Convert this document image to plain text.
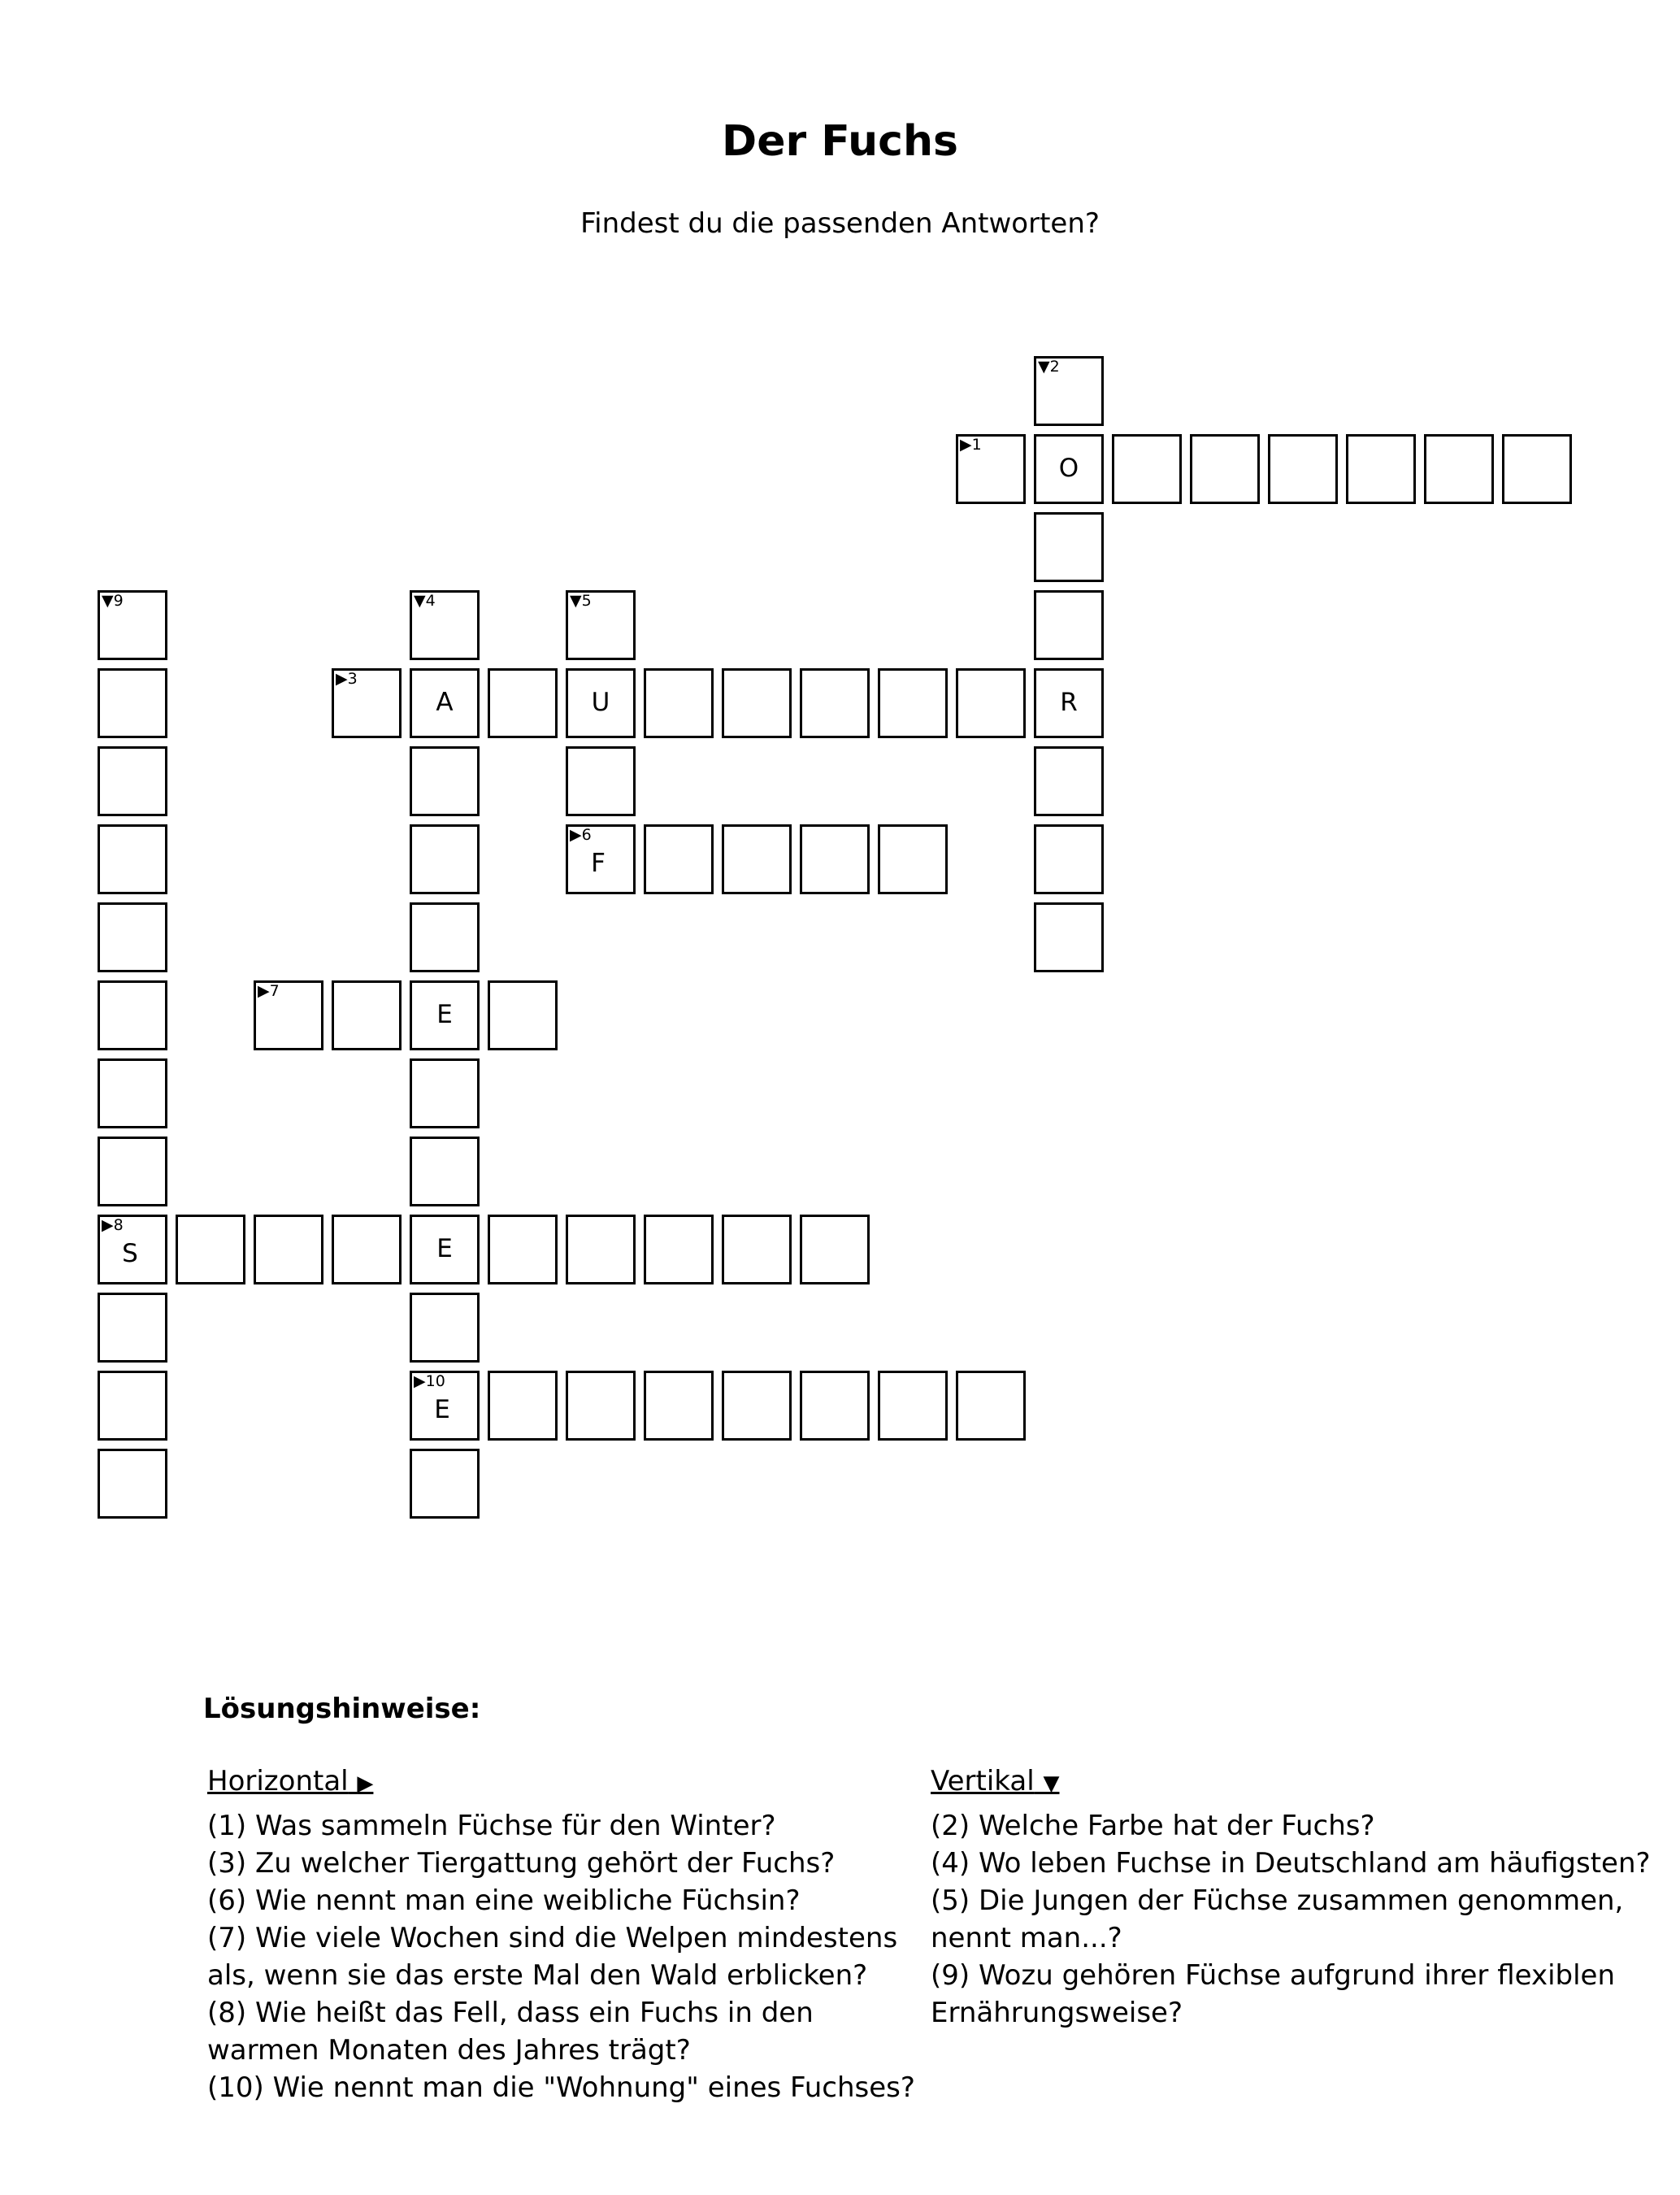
Der Fuchs
Findest du die passenden Antworten?
▶1
O
▼2
R
▶3
A	U
▼4
E
E
▶10
E
▼5
▶6
F
▶7
▶8
S
▼9
Lösungshinweise:
Horizontal ▶

(1) Was sammeln Füchse für den Winter?

(3) Zu welcher Tiergattung gehört der Fuchs?

(6) Wie nennt man eine weibliche Füchsin?

(7) Wie viele Wochen sind die Welpen mindestens als, wenn sie das erste Mal den Wald erblicken?

(8) Wie heißt das Fell, dass ein Fuchs in den warmen Monaten des Jahres trägt?

(10) Wie nennt man die "Wohnung" eines Fuchses?

Vertikal ▼

(2) Welche Farbe hat der Fuchs?

(4) Wo leben Fuchse in Deutschland am häufigsten?

(5) Die Jungen der Füchse zusammen genommen, nennt man...?

(9) Wozu gehören Füchse aufgrund ihrer flexiblen Ernährungsweise?
